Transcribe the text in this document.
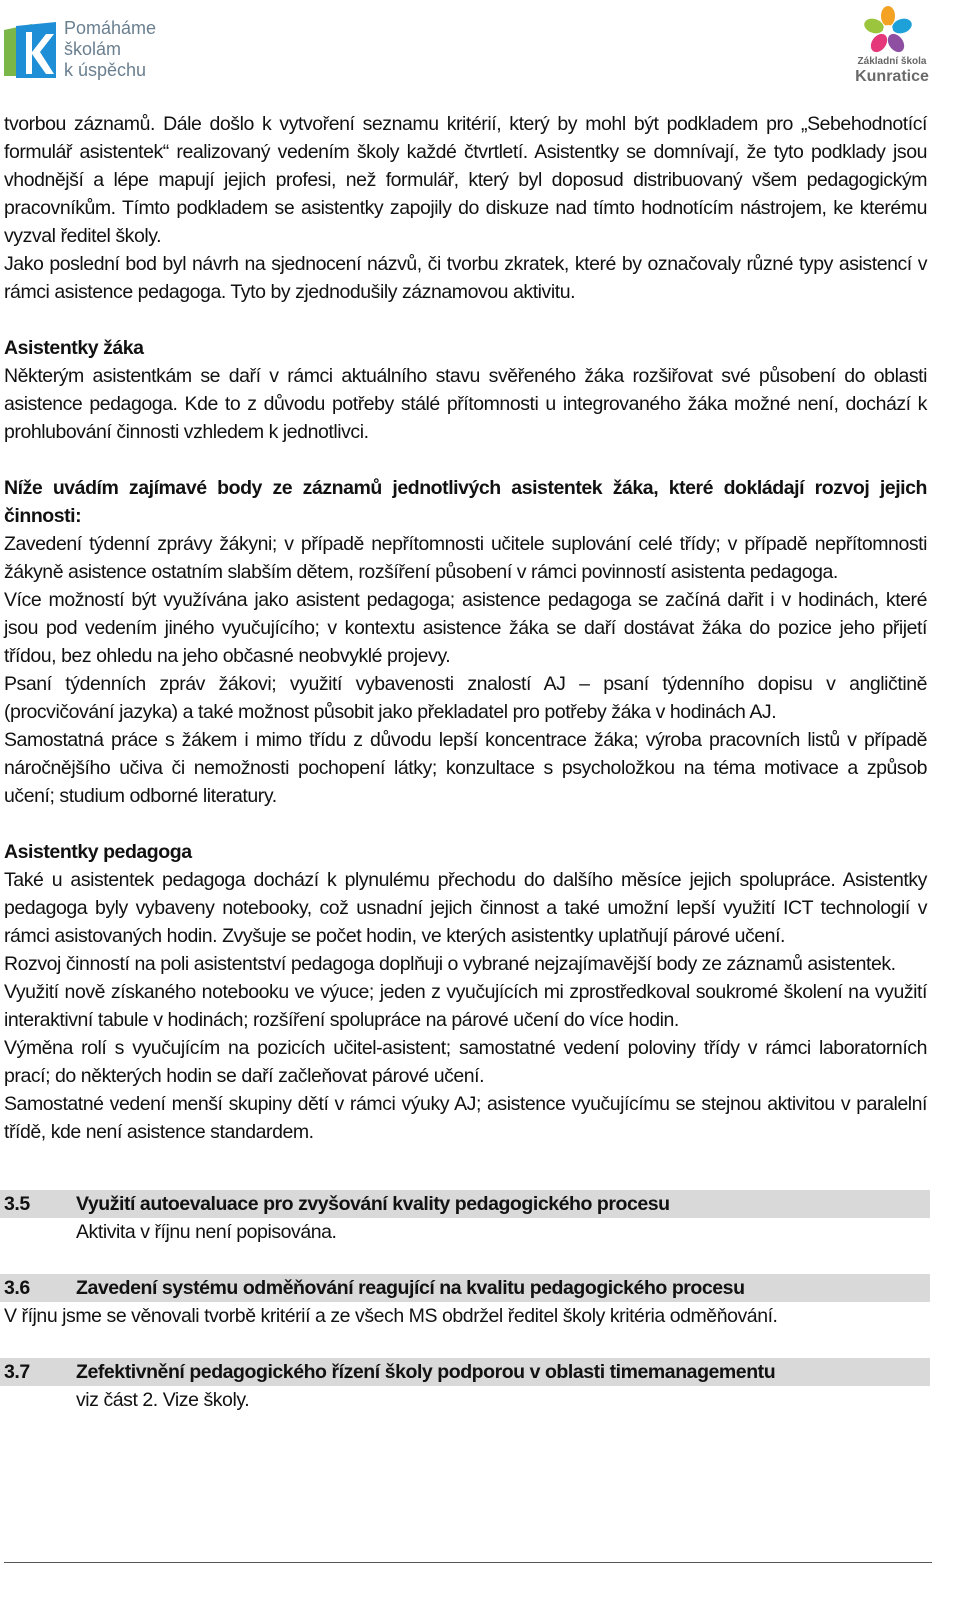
Pomáháme
školám
k úspěchu	Základní škola
Kunratice

tvorbou záznamů. Dále došlo k vytvoření seznamu kritérií, který by mohl být podkladem pro „Sebehodnotící formulář asistentek“ realizovaný vedením školy každé čtvrtletí. Asistentky se domnívají, že tyto podklady jsou vhodnější a lépe mapují jejich profesi, než formulář, který byl doposud distribuovaný všem pedagogickým pracovníkům. Tímto podkladem se asistentky zapojily do diskuze nad tímto hodnotícím nástrojem, ke kterému vyzval ředitel školy.

Jako poslední bod byl návrh na sjednocení názvů, či tvorbu zkratek, které by označovaly různé typy asistencí v rámci asistence pedagoga. Tyto by zjednodušily záznamovou aktivitu.

Asistentky žáka

Některým asistentkám se daří v rámci aktuálního stavu svěřeného žáka rozšiřovat své působení do oblasti asistence pedagoga. Kde to z důvodu potřeby stálé přítomnosti u integrovaného žáka možné není, dochází k prohlubování činnosti vzhledem k jednotlivci.

Níže uvádím zajímavé body ze záznamů jednotlivých asistentek žáka, které dokládají rozvoj jejich činnosti:

Zavedení týdenní zprávy žákyni; v případě nepřítomnosti učitele suplování celé třídy; v případě nepřítomnosti žákyně asistence ostatním slabším dětem, rozšíření působení v rámci povinností asistenta pedagoga.

Více možností být využívána jako asistent pedagoga; asistence pedagoga se začíná dařit i v hodinách, které jsou pod vedením jiného vyučujícího; v kontextu asistence žáka se daří dostávat žáka do pozice jeho přijetí třídou, bez ohledu na jeho občasné neobvyklé projevy.

Psaní týdenních zpráv žákovi; využití vybavenosti znalostí AJ – psaní týdenního dopisu v angličtině (procvičování jazyka) a také možnost působit jako překladatel pro potřeby žáka v hodinách AJ.

Samostatná práce s žákem i mimo třídu z důvodu lepší koncentrace žáka; výroba pracovních listů v případě náročnějšího učiva či nemožnosti pochopení látky; konzultace s psycholožkou na téma motivace a způsob učení; studium odborné literatury.

Asistentky pedagoga

Také u asistentek pedagoga dochází k plynulému přechodu do dalšího měsíce jejich spolupráce. Asistentky pedagoga byly vybaveny notebooky, což usnadní jejich činnost a také umožní lepší využití ICT technologií v rámci asistovaných hodin. Zvyšuje se počet hodin, ve kterých asistentky uplatňují párové učení.

Rozvoj činností na poli asistentství pedagoga doplňuji o vybrané nejzajímavější body ze záznamů asistentek.

Využití nově získaného notebooku ve výuce; jeden z vyučujících mi zprostředkoval soukromé školení na využití interaktivní tabule v hodinách; rozšíření spolupráce na párové učení do více hodin.

Výměna rolí s vyučujícím na pozicích učitel-asistent; samostatné vedení poloviny třídy v rámci laboratorních prací; do některých hodin se daří začleňovat párové učení.

Samostatné vedení menší skupiny dětí v rámci výuky AJ; asistence vyučujícímu se stejnou aktivitou v paralelní třídě, kde není asistence standardem.

3.5	Využití autoevaluace pro zvyšování kvality pedagogického procesu

Aktivita v říjnu není popisována.

3.6	Zavedení systému odměňování reagující na kvalitu pedagogického procesu

V říjnu jsme se věnovali tvorbě kritérií a ze všech MS obdržel ředitel školy kritéria odměňování.

3.7	Zefektivnění pedagogického řízení školy podporou v oblasti timemanagementu

viz část 2. Vize školy.
